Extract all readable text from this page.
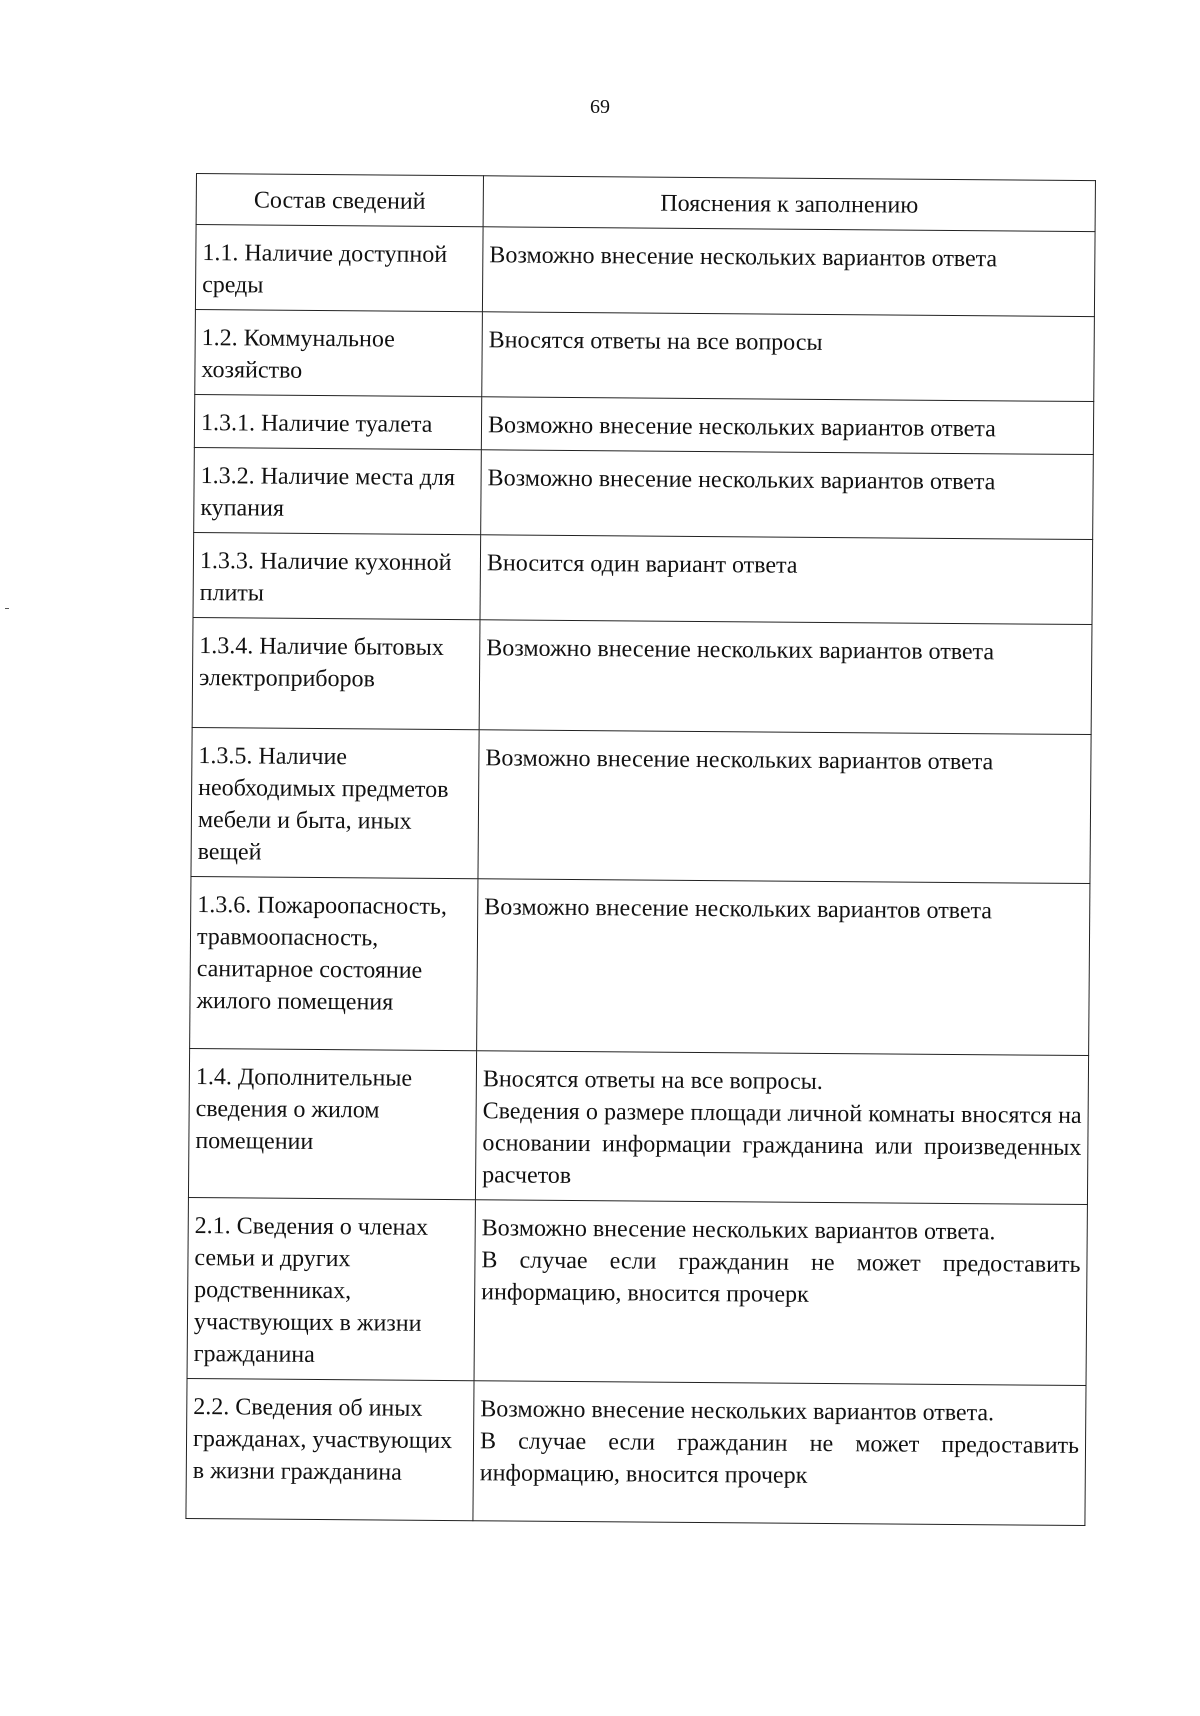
69
Состав сведений	Пояснения к заполнению
1.1. Наличие доступной среды	Возможно внесение нескольких вариантов ответа

1.2. Коммунальное хозяйство	Вносятся ответы на все вопросы

1.3.1. Наличие туалета	Возможно внесение нескольких вариантов ответа

1.3.2. Наличие места для купания	Возможно внесение нескольких вариантов ответа

1.3.3. Наличие кухонной плиты	Вносится один вариант ответа

1.3.4. Наличие бытовых электроприборов	Возможно внесение нескольких вариантов ответа

1.3.5. Наличие необходимых предметов мебели и быта, иных вещей	Возможно внесение нескольких вариантов ответа

1.3.6. Пожароопасность, травмоопасность, санитарное состояние жилого помещения	Возможно внесение нескольких вариантов ответа

1.4. Дополнительные сведения о жилом помещении	Вносятся ответы на все вопросы.
Сведения о размере площади личной комнаты вносятся на основании информации гражданина или произведенных расчетов

2.1. Сведения о членах семьи и других родственниках, участвующих в жизни гражданина	Возможно внесение нескольких вариантов ответа.
В случае если гражданин не может предоставить информацию, вносится прочерк

2.2. Сведения об иных гражданах, участвующих в жизни гражданина	Возможно внесение нескольких вариантов ответа.
В случае если гражданин не может предоставить информацию, вносится прочерк
